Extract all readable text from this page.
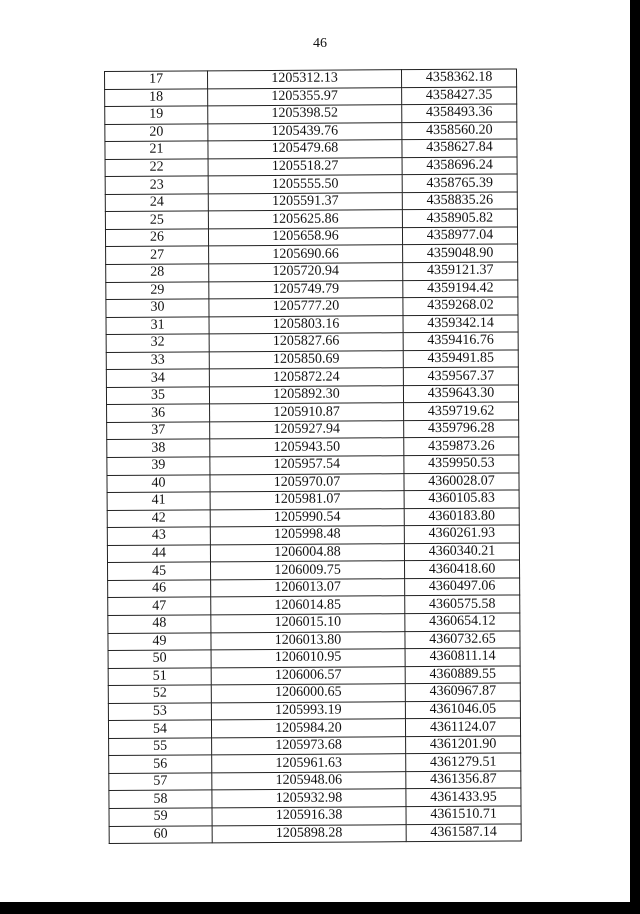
46
17	1205312.13	4358362.18
18	1205355.97	4358427.35
19	1205398.52	4358493.36
20	1205439.76	4358560.20
21	1205479.68	4358627.84
22	1205518.27	4358696.24
23	1205555.50	4358765.39
24	1205591.37	4358835.26
25	1205625.86	4358905.82
26	1205658.96	4358977.04
27	1205690.66	4359048.90
28	1205720.94	4359121.37
29	1205749.79	4359194.42
30	1205777.20	4359268.02
31	1205803.16	4359342.14
32	1205827.66	4359416.76
33	1205850.69	4359491.85
34	1205872.24	4359567.37
35	1205892.30	4359643.30
36	1205910.87	4359719.62
37	1205927.94	4359796.28
38	1205943.50	4359873.26
39	1205957.54	4359950.53
40	1205970.07	4360028.07
41	1205981.07	4360105.83
42	1205990.54	4360183.80
43	1205998.48	4360261.93
44	1206004.88	4360340.21
45	1206009.75	4360418.60
46	1206013.07	4360497.06
47	1206014.85	4360575.58
48	1206015.10	4360654.12
49	1206013.80	4360732.65
50	1206010.95	4360811.14
51	1206006.57	4360889.55
52	1206000.65	4360967.87
53	1205993.19	4361046.05
54	1205984.20	4361124.07
55	1205973.68	4361201.90
56	1205961.63	4361279.51
57	1205948.06	4361356.87
58	1205932.98	4361433.95
59	1205916.38	4361510.71
60	1205898.28	4361587.14
